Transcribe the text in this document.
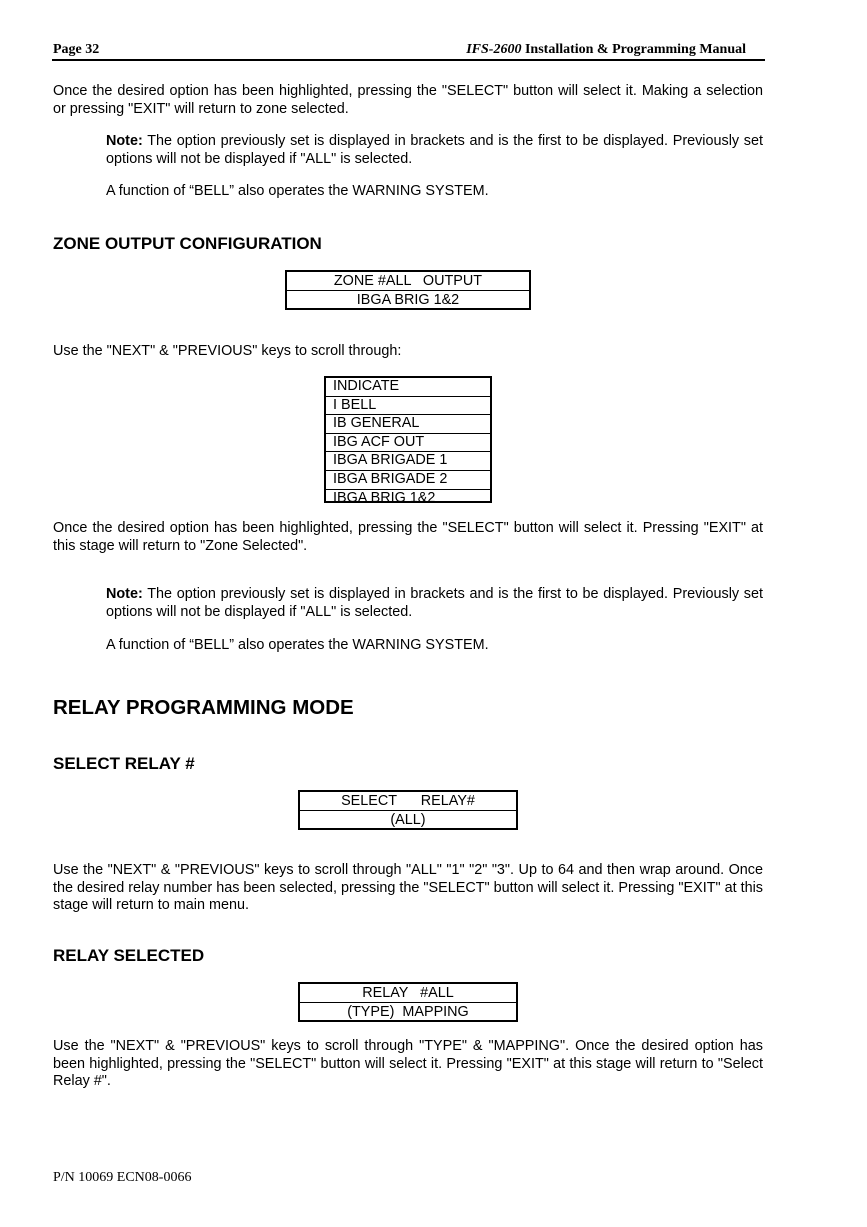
Page 32	IFS-2600 Installation & Programming Manual
Once the desired option has been highlighted, pressing the "SELECT" button will select it. Making a selection or pressing "EXIT" will return to zone selected.
Note: The option previously set is displayed in brackets and is the first to be displayed. Previously set options will not be displayed if "ALL" is selected.
A function of “BELL” also operates the WARNING SYSTEM.
ZONE OUTPUT CONFIGURATION
ZONE #ALL   OUTPUT
IBGA BRIG 1&2
Use the "NEXT" & "PREVIOUS" keys to scroll through:
INDICATE
I BELL
IB GENERAL
IBG ACF OUT
IBGA BRIGADE 1
IBGA BRIGADE 2
IBGA BRIG 1&2
Once the desired option has been highlighted, pressing the "SELECT" button will select it. Pressing "EXIT" at this stage will return to "Zone Selected".
Note: The option previously set is displayed in brackets and is the first to be displayed. Previously set options will not be displayed if "ALL" is selected.
A function of “BELL” also operates the WARNING SYSTEM.
RELAY PROGRAMMING MODE
SELECT RELAY #
SELECT      RELAY#
(ALL)
Use the "NEXT" & "PREVIOUS" keys to scroll through "ALL" "1" "2" "3". Up to 64 and then wrap around. Once the desired relay number has been selected, pressing the "SELECT" button will select it. Pressing "EXIT" at this stage will return to main menu.
RELAY SELECTED
RELAY   #ALL
(TYPE)  MAPPING
Use the "NEXT" & "PREVIOUS" keys to scroll through "TYPE" & "MAPPING". Once the desired option has been highlighted, pressing the "SELECT" button will select it. Pressing "EXIT" at this stage will return to "Select Relay #".
P/N 10069 ECN08-0066
